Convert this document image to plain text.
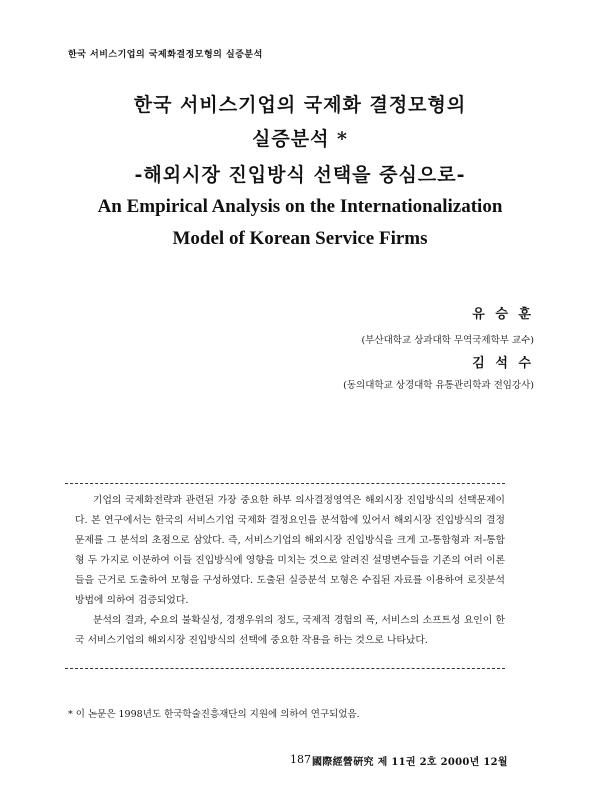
한국 서비스기업의 국제화결정모형의 실증분석
한국 서비스기업의 국제화 결정모형의
실증분석 *
-해외시장 진입방식 선택을 중심으로-
An Empirical Analysis on the Internationalization
Model of Korean Service Firms
유 승 훈
(부산대학교 상과대학 무역국제학부 교수)
김 석 수
(동의대학교 상경대학 유통관리학과 전임강사)

기업의 국제화전략과 관련된 가장 중요한 하부 의사결정영역은 해외시장 진입방식의 선택문제이다. 본 연구에서는 한국의 서비스기업 국제화 결정요인을 분석함에 있어서 해외시장 진입방식의 결정문제를 그 분석의 초점으로 삼았다. 즉, 서비스기업의 해외시장 진입방식을 크게 고-통합형과 저-통합형 두 가지로 이분하여 이들 진입방식에 영향을 미치는 것으로 알려진 설명변수들을 기존의 여러 이론들을 근거로 도출하여 모형을 구성하였다. 도출된 실증분석 모형은 수집된 자료를 이용하여 로짓분석 방법에 의하여 검증되었다.

분석의 결과, 수요의 불확실성, 경쟁우위의 정도, 국제적 경험의 폭, 서비스의 소프트성 요인이 한국 서비스기업의 해외시장 진입방식의 선택에 중요한 작용을 하는 것으로 나타났다.

* 이 논문은 1998년도 한국학술진흥재단의 지원에 의하여 연구되었음.
187 國際經營硏究 제 11권 2호 2000년 12월
